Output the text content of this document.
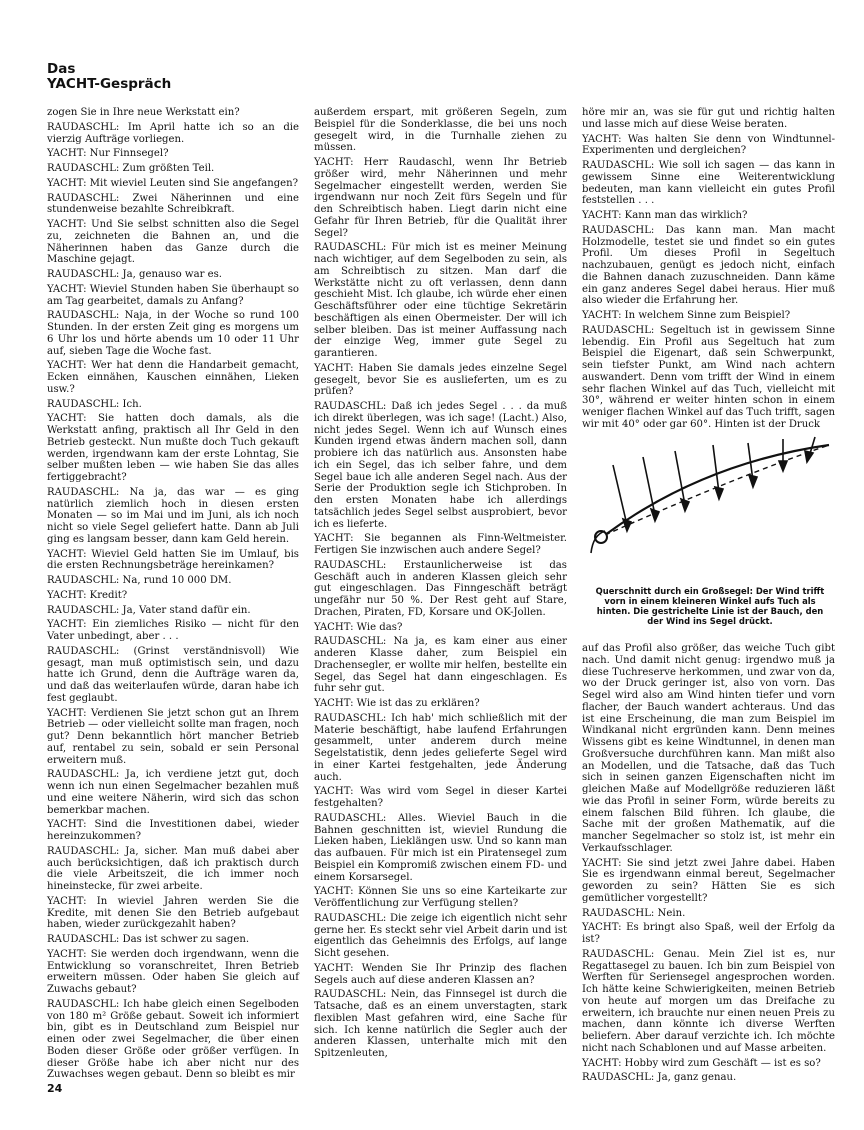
Das
YACHT-Gespräch

zogen Sie in Ihre neue Werkstatt ein?

RAUDASCHL: Im April hatte ich so an die vierzig Aufträge vorliegen.

YACHT: Nur Finnsegel?

RAUDASCHL: Zum größten Teil.

YACHT: Mit wieviel Leuten sind Sie angefangen?

RAUDASCHL: Zwei Näherinnen und eine stundenweise bezahlte Schreibkraft.

YACHT: Und Sie selbst schnitten also die Segel zu, zeichneten die Bahnen an, und die Näherinnen haben das Ganze durch die Maschine gejagt.

RAUDASCHL: Ja, genauso war es.

YACHT: Wieviel Stunden haben Sie überhaupt so am Tag gearbeitet, damals zu Anfang?

RAUDASCHL: Naja, in der Woche so rund 100 Stunden. In der ersten Zeit ging es morgens um 6 Uhr los und hörte abends um 10 oder 11 Uhr auf, sieben Tage die Woche fast.

YACHT: Wer hat denn die Handarbeit gemacht, Ecken einnähen, Kauschen einnähen, Lieken usw.?

RAUDASCHL: Ich.

YACHT: Sie hatten doch damals, als die Werkstatt anfing, praktisch all Ihr Geld in den Betrieb gesteckt. Nun mußte doch Tuch gekauft werden, irgendwann kam der erste Lohntag, Sie selber mußten leben — wie haben Sie das alles fertiggebracht?

RAUDASCHL: Na ja, das war — es ging natürlich ziemlich hoch in diesen ersten Monaten — so im Mai und im Juni, als ich noch nicht so viele Segel geliefert hatte. Dann ab Juli ging es langsam besser, dann kam Geld herein.

YACHT: Wieviel Geld hatten Sie im Umlauf, bis die ersten Rechnungsbeträge hereinkamen?

RAUDASCHL: Na, rund 10 000 DM.

YACHT: Kredit?

RAUDASCHL: Ja, Vater stand dafür ein.

YACHT: Ein ziemliches Risiko — nicht für den Vater unbedingt, aber . . .

RAUDASCHL: (Grinst verständnisvoll) Wie gesagt, man muß optimistisch sein, und dazu hatte ich Grund, denn die Aufträge waren da, und daß das weiterlaufen würde, daran habe ich fest geglaubt.

YACHT: Verdienen Sie jetzt schon gut an Ihrem Betrieb — oder vielleicht sollte man fragen, noch gut? Denn bekanntlich hört mancher Betrieb auf, rentabel zu sein, sobald er sein Personal erweitern muß.

RAUDASCHL: Ja, ich verdiene jetzt gut, doch wenn ich nun einen Segelmacher bezahlen muß und eine weitere Näherin, wird sich das schon bemerkbar machen.

YACHT: Sind die Investitionen dabei, wieder hereinzukommen?

RAUDASCHL: Ja, sicher. Man muß dabei aber auch berücksichtigen, daß ich praktisch durch die viele Arbeitszeit, die ich immer noch hineinstecke, für zwei arbeite.

YACHT: In wieviel Jahren werden Sie die Kredite, mit denen Sie den Betrieb aufgebaut haben, wieder zurückgezahlt haben?

RAUDASCHL: Das ist schwer zu sagen.

YACHT: Sie werden doch irgendwann, wenn die Entwicklung so voranschreitet, Ihren Betrieb erweitern müssen. Oder haben Sie gleich auf Zuwachs gebaut?

RAUDASCHL: Ich habe gleich einen Segelboden von 180 m² Größe gebaut. Soweit ich informiert bin, gibt es in Deutschland zum Beispiel nur einen oder zwei Segelmacher, die über einen Boden dieser Größe oder größer verfügen. In dieser Größe habe ich aber nicht nur des Zuwachses wegen gebaut. Denn so bleibt es mir

außerdem erspart, mit größeren Segeln, zum Beispiel für die Sonderklasse, die bei uns noch gesegelt wird, in die Turnhalle ziehen zu müssen.

YACHT: Herr Raudaschl, wenn Ihr Betrieb größer wird, mehr Näherinnen und mehr Segelmacher eingestellt werden, werden Sie irgendwann nur noch Zeit fürs Segeln und für den Schreibtisch haben. Liegt darin nicht eine Gefahr für Ihren Betrieb, für die Qualität ihrer Segel?

RAUDASCHL: Für mich ist es meiner Meinung nach wichtiger, auf dem Segelboden zu sein, als am Schreibtisch zu sitzen. Man darf die Werkstätte nicht zu oft verlassen, denn dann geschieht Mist. Ich glaube, ich würde eher einen Geschäftsführer oder eine tüchtige Sekretärin beschäftigen als einen Obermeister. Der will ich selber bleiben. Das ist meiner Auffassung nach der einzige Weg, immer gute Segel zu garantieren.

YACHT: Haben Sie damals jedes einzelne Segel gesegelt, bevor Sie es auslieferten, um es zu prüfen?

RAUDASCHL: Daß ich jedes Segel . . . da muß ich direkt überlegen, was ich sage! (Lacht.) Also, nicht jedes Segel. Wenn ich auf Wunsch eines Kunden irgend etwas ändern machen soll, dann probiere ich das natürlich aus. Ansonsten habe ich ein Segel, das ich selber fahre, und dem Segel baue ich alle anderen Segel nach. Aus der Serie der Produktion segle ich Stichproben. In den ersten Monaten habe ich allerdings tatsächlich jedes Segel selbst ausprobiert, bevor ich es lieferte.

YACHT: Sie begannen als Finn-Weltmeister. Fertigen Sie inzwischen auch andere Segel?

RAUDASCHL: Erstaunlicherweise ist das Geschäft auch in anderen Klassen gleich sehr gut eingeschlagen. Das Finngeschäft beträgt ungefähr nur 50 %. Der Rest geht auf Stare, Drachen, Piraten, FD, Korsare und OK-Jollen.

YACHT: Wie das?

RAUDASCHL: Na ja, es kam einer aus einer anderen Klasse daher, zum Beispiel ein Drachensegler, er wollte mir helfen, bestellte ein Segel, das Segel hat dann eingeschlagen. Es fuhr sehr gut.

YACHT: Wie ist das zu erklären?

RAUDASCHL: Ich hab' mich schließlich mit der Materie beschäftigt, habe laufend Erfahrungen gesammelt, unter anderem durch meine Segelstatistik, denn jedes gelieferte Segel wird in einer Kartei festgehalten, jede Änderung auch.

YACHT: Was wird vom Segel in dieser Kartei festgehalten?

RAUDASCHL: Alles. Wieviel Bauch in die Bahnen geschnitten ist, wieviel Rundung die Lieken haben, Lieklängen usw. Und so kann man das aufbauen. Für mich ist ein Piratensegel zum Beispiel ein Kompromiß zwischen einem FD- und einem Korsarsegel.

YACHT: Können Sie uns so eine Karteikarte zur Veröffentlichung zur Verfügung stellen?

RAUDASCHL: Die zeige ich eigentlich nicht sehr gerne her. Es steckt sehr viel Arbeit darin und ist eigentlich das Geheimnis des Erfolgs, auf lange Sicht gesehen.

YACHT: Wenden Sie Ihr Prinzip des flachen Segels auch auf diese anderen Klassen an?

RAUDASCHL: Nein, das Finnsegel ist durch die Tatsache, daß es an einem unverstagten, stark flexiblen Mast gefahren wird, eine Sache für sich. Ich kenne natürlich die Segler auch der anderen Klassen, unterhalte mich mit den Spitzenleuten,

höre mir an, was sie für gut und richtig halten und lasse mich auf diese Weise beraten.

YACHT: Was halten Sie denn von Windtunnel-Experimenten und dergleichen?

RAUDASCHL: Wie soll ich sagen — das kann in gewissem Sinne eine Weiterentwicklung bedeuten, man kann vielleicht ein gutes Profil feststellen . . .

YACHT: Kann man das wirklich?

RAUDASCHL: Das kann man. Man macht Holzmodelle, testet sie und findet so ein gutes Profil. Um dieses Profil in Segeltuch nachzubauen, genügt es jedoch nicht, einfach die Bahnen danach zuzuschneiden. Dann käme ein ganz anderes Segel dabei heraus. Hier muß also wieder die Erfahrung her.

YACHT: In welchem Sinne zum Beispiel?

RAUDASCHL: Segeltuch ist in gewissem Sinne lebendig. Ein Profil aus Segeltuch hat zum Beispiel die Eigenart, daß sein Schwerpunkt, sein tiefster Punkt, am Wind nach achtern auswandert. Denn vom trifft der Wind in einem sehr flachen Winkel auf das Tuch, vielleicht mit 30°, während er weiter hinten schon in einem weniger flachen Winkel auf das Tuch trifft, sagen wir mit 40° oder gar 60°. Hinten ist der Druck

Querschnitt durch ein Großsegel: Der Wind trifft vorn in einem kleineren Winkel aufs Tuch als hinten. Die gestrichelte Linie ist der Bauch, den der Wind ins Segel drückt.

auf das Profil also größer, das weiche Tuch gibt nach. Und damit nicht genug: irgendwo muß ja diese Tuchreserve herkommen, und zwar von da, wo der Druck geringer ist, also von vorn. Das Segel wird also am Wind hinten tiefer und vorn flacher, der Bauch wandert achteraus. Und das ist eine Erscheinung, die man zum Beispiel im Windkanal nicht ergründen kann. Denn meines Wissens gibt es keine Windtunnel, in denen man Großversuche durchführen kann. Man mißt also an Modellen, und die Tatsache, daß das Tuch sich in seinen ganzen Eigenschaften nicht im gleichen Maße auf Modellgröße reduzieren läßt wie das Profil in seiner Form, würde bereits zu einem falschen Bild führen. Ich glaube, die Sache mit der großen Mathematik, auf die mancher Segelmacher so stolz ist, ist mehr ein Verkaufsschlager.

YACHT: Sie sind jetzt zwei Jahre dabei. Haben Sie es irgendwann einmal bereut, Segelmacher geworden zu sein? Hätten Sie es sich gemütlicher vorgestellt?

RAUDASCHL: Nein.

YACHT: Es bringt also Spaß, weil der Erfolg da ist?

RAUDASCHL: Genau. Mein Ziel ist es, nur Regattasegel zu bauen. Ich bin zum Beispiel von Werften für Seriensegel angesprochen worden. Ich hätte keine Schwierigkeiten, meinen Betrieb von heute auf morgen um das Dreifache zu erweitern, ich brauchte nur einen neuen Preis zu machen, dann könnte ich diverse Werften beliefern. Aber darauf verzichte ich. Ich möchte nicht nach Schablonen und auf Masse arbeiten.

YACHT: Hobby wird zum Geschäft — ist es so?

RAUDASCHL: Ja, ganz genau.

24
